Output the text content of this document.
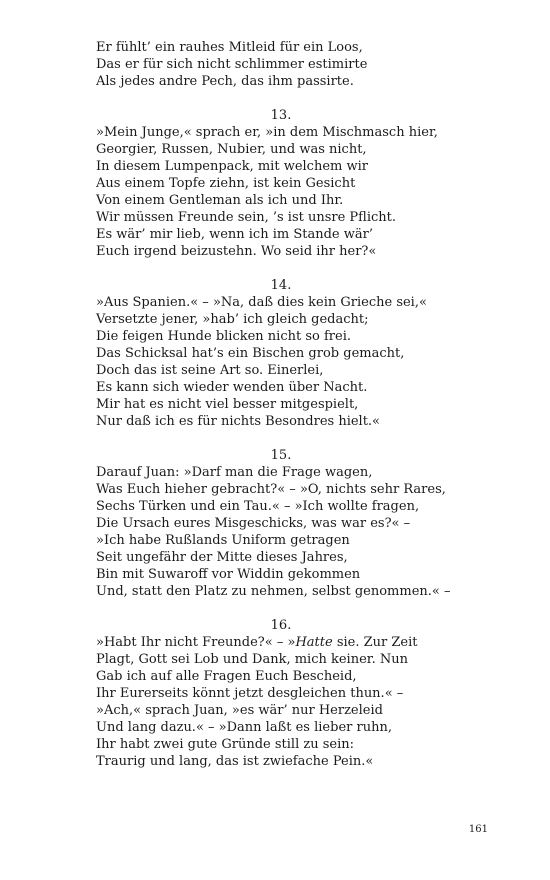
Er fühlt’ ein rauhes Mitleid für ein Loos,
Das er für sich nicht schlimmer estimirte
Als jedes andre Pech, das ihm passirte.
13.
»Mein Junge,« sprach er, »in dem Mischmasch hier,
Georgier, Russen, Nubier, und was nicht,
In diesem Lumpenpack, mit welchem wir
Aus einem Topfe ziehn, ist kein Gesicht
Von einem Gentleman als ich und Ihr.
Wir müssen Freunde sein, ’s ist unsre Pflicht.
Es wär’ mir lieb, wenn ich im Stande wär’
Euch irgend beizustehn. Wo seid ihr her?«
14.
»Aus Spanien.« – »Na, daß dies kein Grieche sei,«
Versetzte jener, »hab’ ich gleich gedacht;
Die feigen Hunde blicken nicht so frei.
Das Schicksal hat’s ein Bischen grob gemacht,
Doch das ist seine Art so. Einerlei,
Es kann sich wieder wenden über Nacht.
Mir hat es nicht viel besser mitgespielt,
Nur daß ich es für nichts Besondres hielt.«
15.
Darauf Juan: »Darf man die Frage wagen,
Was Euch hieher gebracht?« – »O, nichts sehr Rares,
Sechs Türken und ein Tau.« – »Ich wollte fragen,
Die Ursach eures Misgeschicks, was war es?« –
»Ich habe Rußlands Uniform getragen
Seit ungefähr der Mitte dieses Jahres,
Bin mit Suwaroff vor Widdin gekommen
Und, statt den Platz zu nehmen, selbst genommen.« –
16.
»Habt Ihr nicht Freunde?« – »Hatte sie. Zur Zeit
Plagt, Gott sei Lob und Dank, mich keiner. Nun
Gab ich auf alle Fragen Euch Bescheid,
Ihr Eurerseits könnt jetzt desgleichen thun.« –
»Ach,« sprach Juan, »es wär’ nur Herzeleid
Und lang dazu.« – »Dann laßt es lieber ruhn,
Ihr habt zwei gute Gründe still zu sein:
Traurig und lang, das ist zwiefache Pein.«
161
